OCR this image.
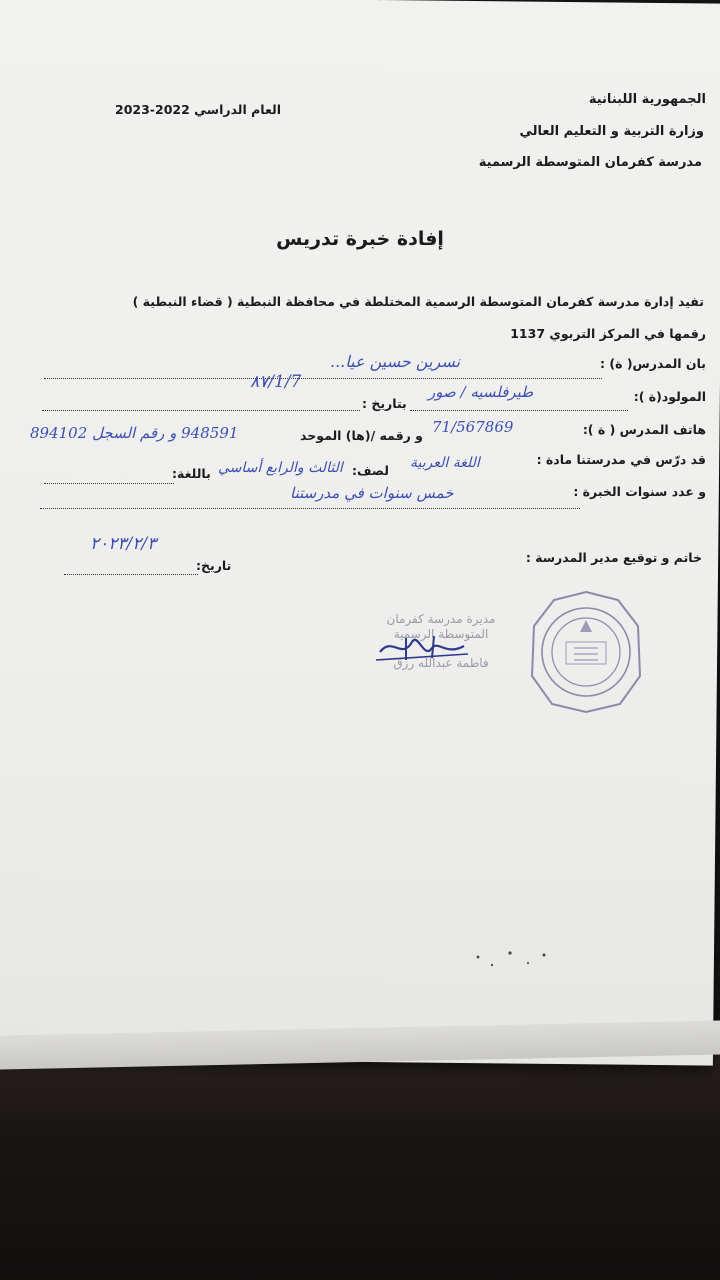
الجمهورية اللبنانية
وزارة التربية و التعليم العالي
مدرسة كفرمان المتوسطة الرسمية
العام الدراسي 2022-2023
إفادة خبرة تدريس
تفيد إدارة مدرسة كفرمان المتوسطة الرسمية المختلطة في محافظة النبطية ( قضاء النبطية )
رقمها في المركز التربوي 1137
بان المدرس( ة) :
نسرين حسين عيا...
المولود(ة ):
طيرفلسيه / صور
بتاريخ :
1/7/٨٧
هاتف المدرس ( ة ):
71/567869
و رقمه /(ها) الموحد
948591 و رقم السجل 894102
قد درّس في مدرستنا مادة :
اللغة العربية
لصف:
الثالث والرابع أساسي
باللغة:
و عدد سنوات الخبرة :
خمس سنوات في مدرستنا
خاتم و توقيع مدير المدرسة :
تاريخ:
٢٠٢٣/٢/٣
مديرة مدرسة كفرمان
المتوسطة الرسمية
فاطمة عبدالله رزق
